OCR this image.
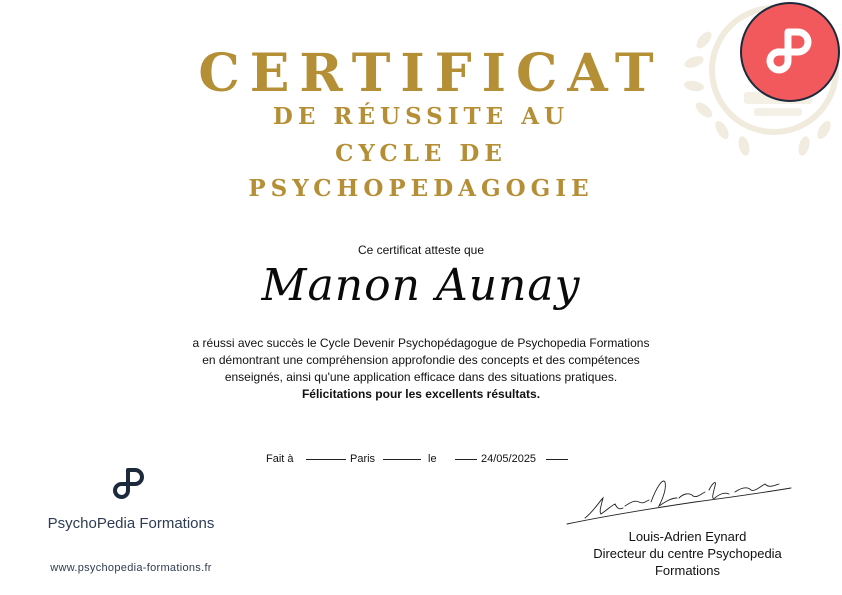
CERTIFICAT
DE RÉUSSITE AU
CYCLE DE
PSYCHOPEDAGOGIE
Ce certificat atteste que
Manon Aunay

a réussi avec succès le Cycle Devenir Psychopédagogue de Psychopedia Formations

en démontrant une compréhension approfondie des concepts et des compétences

enseignés, ainsi qu'une application efficace dans des situations pratiques.

Félicitations pour les excellents résultats.

Fait à	Paris	le	24/05/2025
PsychoPedia Formations
www.psychopedia-formations.fr
Louis-Adrien Eynard
Directeur du centre Psychopedia
Formations
